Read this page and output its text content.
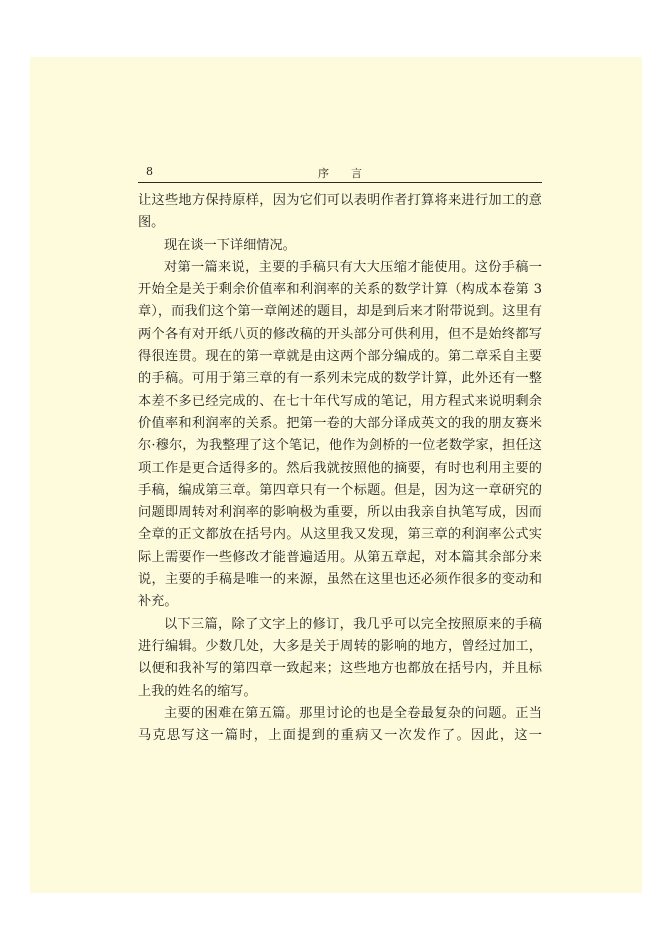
8	序言

让这些地方保持原样，因为它们可以表明作者打算将来进行加工的意图。

现在谈一下详细情况。

对第一篇来说，主要的手稿只有大大压缩才能使用。这份手稿一开始全是关于剩余价值率和利润率的关系的数学计算（构成本卷第 3 章），而我们这个第一章阐述的题目，却是到后来才附带说到。这里有两个各有对开纸八页的修改稿的开头部分可供利用，但不是始终都写得很连贯。现在的第一章就是由这两个部分编成的。第二章采自主要的手稿。可用于第三章的有一系列未完成的数学计算，此外还有一整本差不多已经完成的、在七十年代写成的笔记，用方程式来说明剩余价值率和利润率的关系。把第一卷的大部分译成英文的我的朋友赛米尔·穆尔，为我整理了这个笔记，他作为剑桥的一位老数学家，担任这项工作是更合适得多的。然后我就按照他的摘要，有时也利用主要的手稿，编成第三章。第四章只有一个标题。但是，因为这一章研究的问题即周转对利润率的影响极为重要，所以由我亲自执笔写成，因而全章的正文都放在括号内。从这里我又发现，第三章的利润率公式实际上需要作一些修改才能普遍适用。从第五章起，对本篇其余部分来说，主要的手稿是唯一的来源，虽然在这里也还必须作很多的变动和补充。

以下三篇，除了文字上的修订，我几乎可以完全按照原来的手稿进行编辑。少数几处，大多是关于周转的影响的地方，曾经过加工，以便和我补写的第四章一致起来；这些地方也都放在括号内，并且标上我的姓名的缩写。

主要的困难在第五篇。那里讨论的也是全卷最复杂的问题。正当马克思写这一篇时，上面提到的重病又一次发作了。因此，这一
